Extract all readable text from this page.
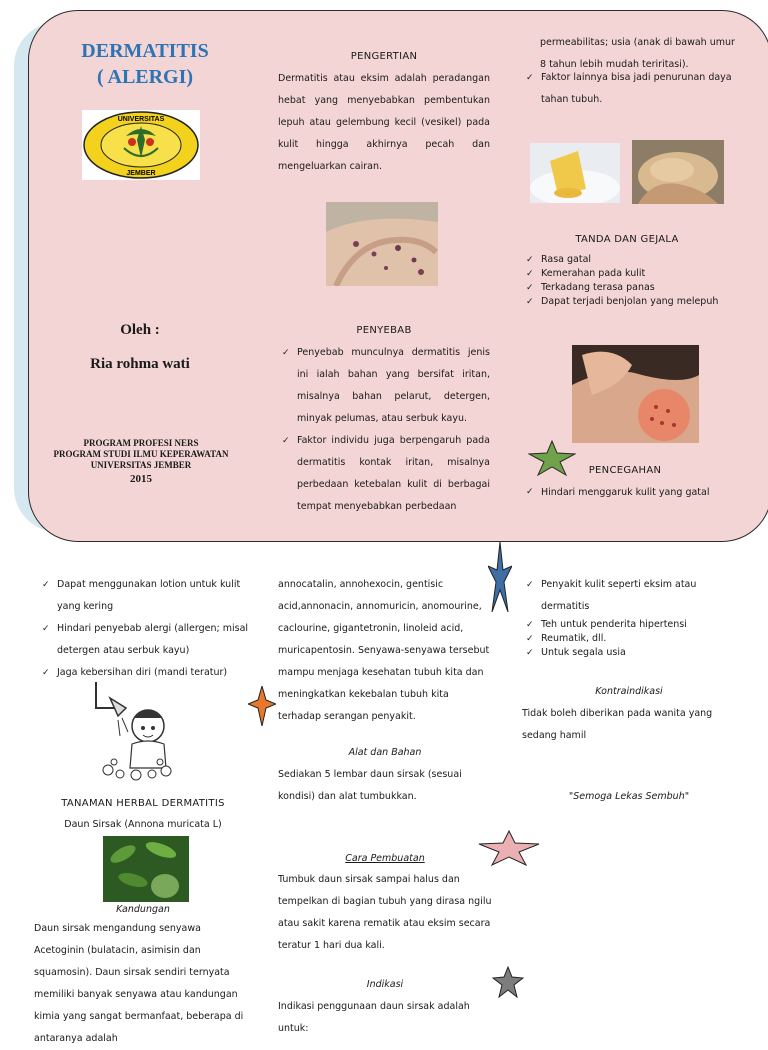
DERMATITIS
( ALERGI)
UNIVERSITAS
JEMBER
Oleh :
Ria rohma wati
PROGRAM PROFESI NERS
PROGRAM STUDI ILMU KEPERAWATAN
UNIVERSITAS JEMBER
2015
PENGERTIAN
Dermatitis atau eksim adalah peradangan hebat yang menyebabkan pembentukan lepuh atau gelembung kecil (vesikel) pada kulit hingga akhirnya pecah dan mengeluarkan cairan.
PENYEBAB
✓ Penyebab munculnya dermatitis jenis ini ialah bahan yang bersifat iritan, misalnya bahan pelarut, detergen, minyak pelumas, atau serbuk kayu.
✓ Faktor individu juga berpengaruh pada dermatitis kontak iritan, misalnya perbedaan ketebalan kulit di berbagai tempat menyebabkan perbedaan
permeabilitas; usia (anak di bawah umur
8 tahun lebih mudah teriritasi).
✓ Faktor lainnya bisa jadi penurunan daya tahan tubuh.
TANDA DAN GEJALA
✓ Rasa gatal
✓ Kemerahan pada kulit
✓ Terkadang terasa panas
✓ Dapat terjadi benjolan yang melepuh
PENCEGAHAN
✓ Hindari menggaruk kulit yang gatal
✓ Dapat menggunakan lotion untuk kulit yang kering
✓ Hindari penyebab alergi (allergen; misal detergen atau serbuk kayu)
✓ Jaga kebersihan diri (mandi teratur)
TANAMAN HERBAL DERMATITIS
Daun Sirsak (Annona muricata L)
Kandungan
Daun sirsak mengandung senyawa Acetoginin (bulatacin, asimisin dan squamosin). Daun sirsak sendiri ternyata memiliki banyak senyawa atau kandungan kimia yang sangat bermanfaat, beberapa di antaranya adalah
annocatalin, annohexocin, gentisic acid,annonacin, annomuricin, anomourine, caclourine, gigantetronin, linoleid acid, muricapentosin. Senyawa-senyawa tersebut mampu menjaga kesehatan tubuh kita dan meningkatkan kekebalan tubuh kita terhadap serangan penyakit.
Alat dan Bahan
Sediakan 5 lembar daun sirsak (sesuai kondisi) dan alat tumbukkan.
Cara Pembuatan
Tumbuk daun sirsak sampai halus dan tempelkan di bagian tubuh yang dirasa ngilu atau sakit karena rematik atau eksim secara teratur 1 hari dua kali.
Indikasi
Indikasi penggunaan daun sirsak adalah untuk:
✓ Penyakit kulit seperti eksim atau dermatitis
✓ Teh untuk penderita hipertensi
✓ Reumatik, dll.
✓ Untuk segala usia
Kontraindikasi
Tidak boleh diberikan pada wanita yang sedang hamil
"Semoga Lekas Sembuh"
